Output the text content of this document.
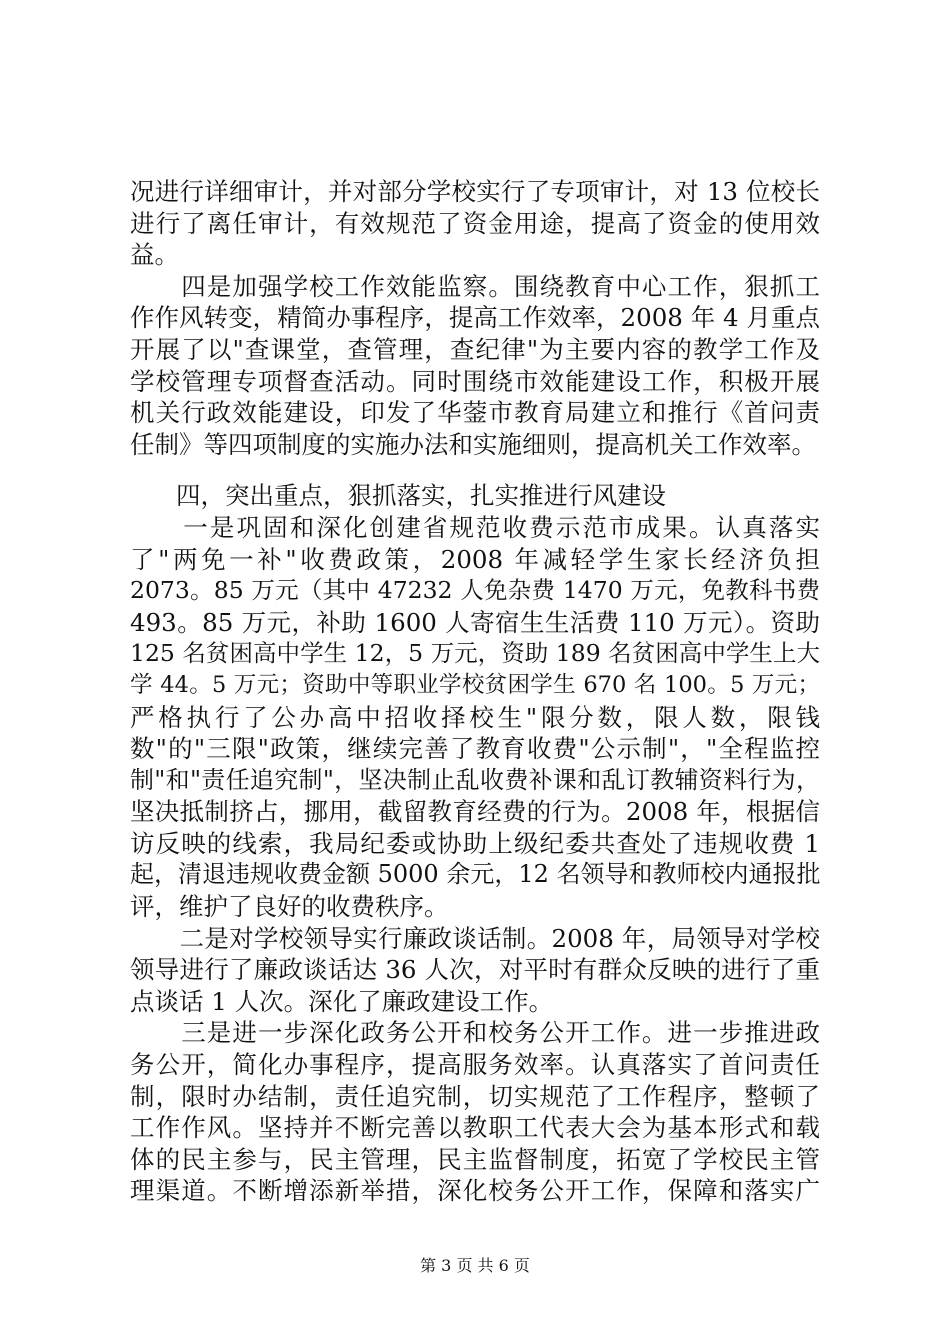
况进行详细审计，并对部分学校实行了专项审计，对 13 位校长
进行了离任审计，有效规范了资金用途，提高了资金的使用效
益。
　　四是加强学校工作效能监察。围绕教育中心工作，狠抓工
作作风转变，精简办事程序，提高工作效率，2008 年 4 月重点
开展了以"查课堂，查管理，查纪律"为主要内容的教学工作及
学校管理专项督查活动。同时围绕市效能建设工作，积极开展
机关行政效能建设，印发了华蓥市教育局建立和推行《首问责
任制》等四项制度的实施办法和实施细则，提高机关工作效率。
四，突出重点，狠抓落实，扎实推进行风建设
　　一是巩固和深化创建省规范收费示范市成果。认真落实
了"两免一补"收费政策，2008 年减轻学生家长经济负担
2073。85 万元（其中 47232 人免杂费 1470 万元，免教科书费
493。85 万元，补助 1600 人寄宿生生活费 110 万元）。资助
125 名贫困高中学生 12，5 万元，资助 189 名贫困高中学生上大
学 44。5 万元；资助中等职业学校贫困学生 670 名 100。5 万元；
严格执行了公办高中招收择校生"限分数，限人数，限钱
数"的"三限"政策，继续完善了教育收费"公示制"，"全程监控
制"和"责任追究制"，坚决制止乱收费补课和乱订教辅资料行为，
坚决抵制挤占，挪用，截留教育经费的行为。2008 年，根据信
访反映的线索，我局纪委或协助上级纪委共查处了违规收费 1
起，清退违规收费金额 5000 余元，12 名领导和教师校内通报批
评，维护了良好的收费秩序。
　　二是对学校领导实行廉政谈话制。2008 年，局领导对学校
领导进行了廉政谈话达 36 人次，对平时有群众反映的进行了重
点谈话 1 人次。深化了廉政建设工作。
　　三是进一步深化政务公开和校务公开工作。进一步推进政
务公开，简化办事程序，提高服务效率。认真落实了首问责任
制，限时办结制，责任追究制，切实规范了工作程序，整顿了
工作作风。坚持并不断完善以教职工代表大会为基本形式和载
体的民主参与，民主管理，民主监督制度，拓宽了学校民主管
理渠道。不断增添新举措，深化校务公开工作，保障和落实广
第 3 页 共 6 页
